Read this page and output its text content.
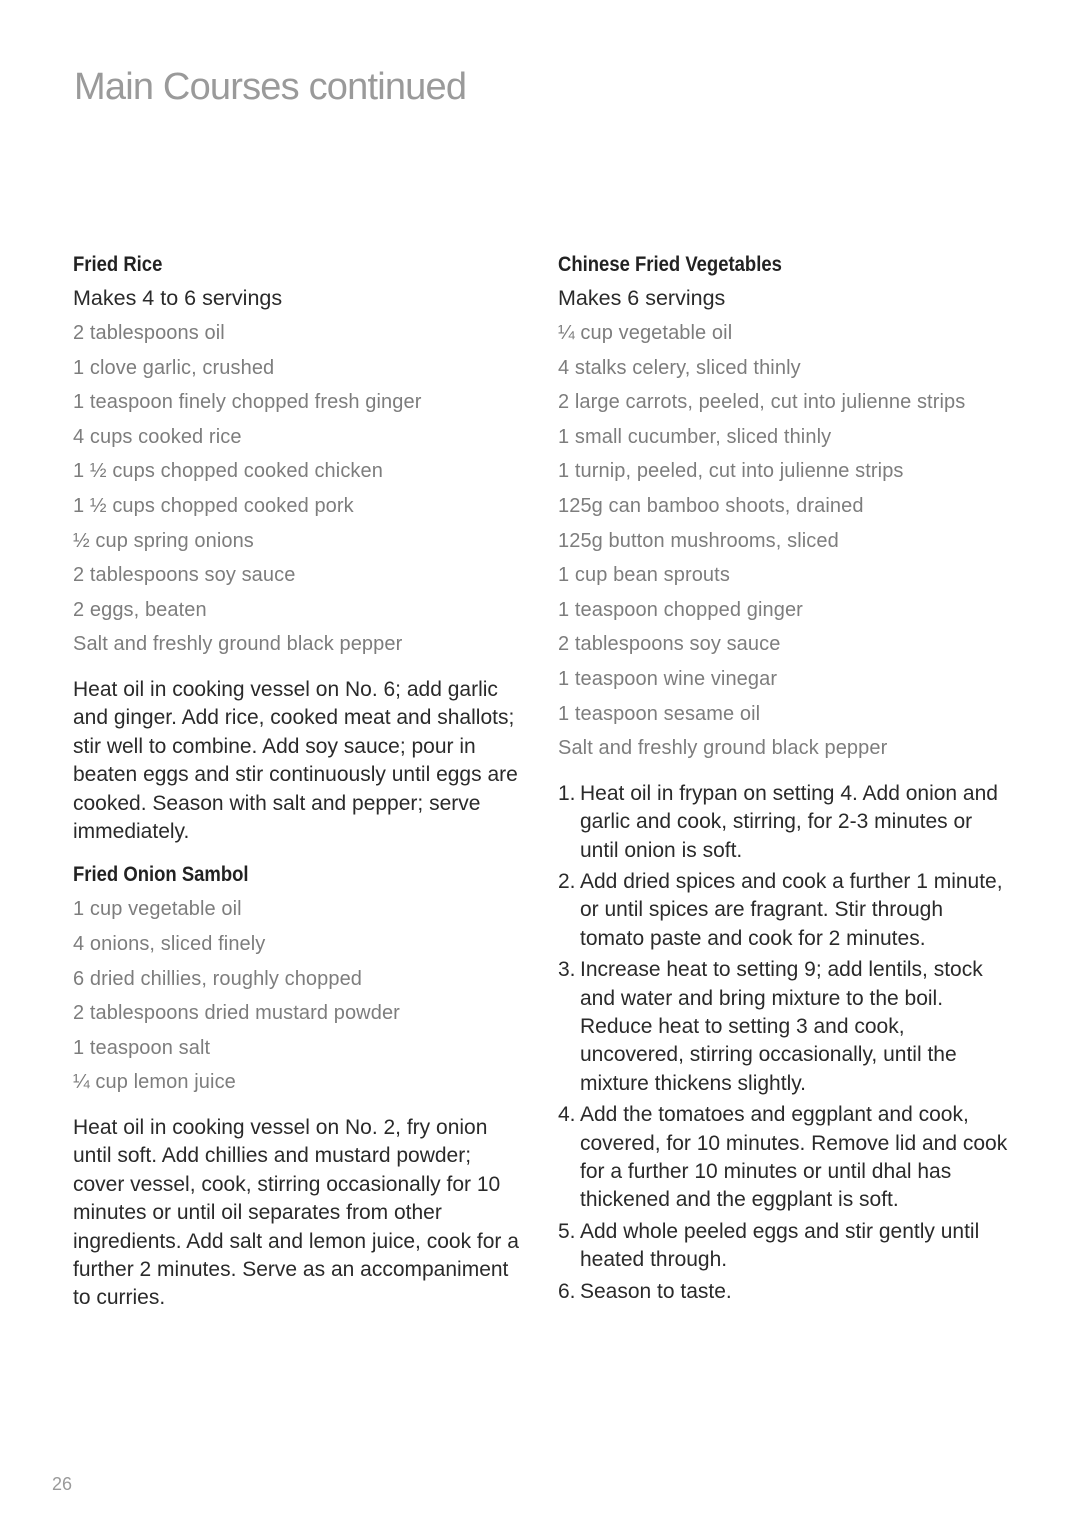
Main Courses continued
Fried Rice

Makes 4 to 6 servings

2 tablespoons oil
1 clove garlic, crushed
1 teaspoon finely chopped fresh ginger
4 cups cooked rice
1 ½ cups chopped cooked chicken
1 ½ cups chopped cooked pork
½ cup spring onions
2 tablespoons soy sauce
2 eggs, beaten
Salt and freshly ground black pepper

Heat oil in cooking vessel on No. 6; add garlic and ginger. Add rice, cooked meat and shallots; stir well to combine. Add soy sauce; pour in beaten eggs and stir continuously until eggs are cooked. Season with salt and pepper; serve immediately.

Fried Onion Sambol
1 cup vegetable oil
4 onions, sliced finely
6 dried chillies, roughly chopped
2 tablespoons dried mustard powder
1 teaspoon salt
¼ cup lemon juice

Heat oil in cooking vessel on No. 2, fry onion until soft. Add chillies and mustard powder; cover vessel, cook, stirring occasionally for 10 minutes or until oil separates from other ingredients. Add salt and lemon juice, cook for a further 2 minutes. Serve as an accompaniment to curries.

Chinese Fried Vegetables

Makes 6 servings

¼ cup vegetable oil
4 stalks celery, sliced thinly
2 large carrots, peeled, cut into julienne strips
1 small cucumber, sliced thinly
1 turnip, peeled, cut into julienne strips
125g can bamboo shoots, drained
125g button mushrooms, sliced
1 cup bean sprouts
1 teaspoon chopped ginger
2 tablespoons soy sauce
1 teaspoon wine vinegar
1 teaspoon sesame oil
Salt and freshly ground black pepper
1. Heat oil in frypan on setting 4. Add onion and garlic and cook, stirring, for 2-3 minutes or until onion is soft.
2. Add dried spices and cook a further 1 minute, or until spices are fragrant. Stir through tomato paste and cook for 2 minutes.
3. Increase heat to setting 9; add lentils, stock and water and bring mixture to the boil. Reduce heat to setting 3 and cook, uncovered, stirring occasionally, until the mixture thickens slightly.
4. Add the tomatoes and eggplant and cook, covered, for 10 minutes. Remove lid and cook for a further 10 minutes or until dhal has thickened and the eggplant is soft.
5. Add whole peeled eggs and stir gently until heated through.
6. Season to taste.
26
